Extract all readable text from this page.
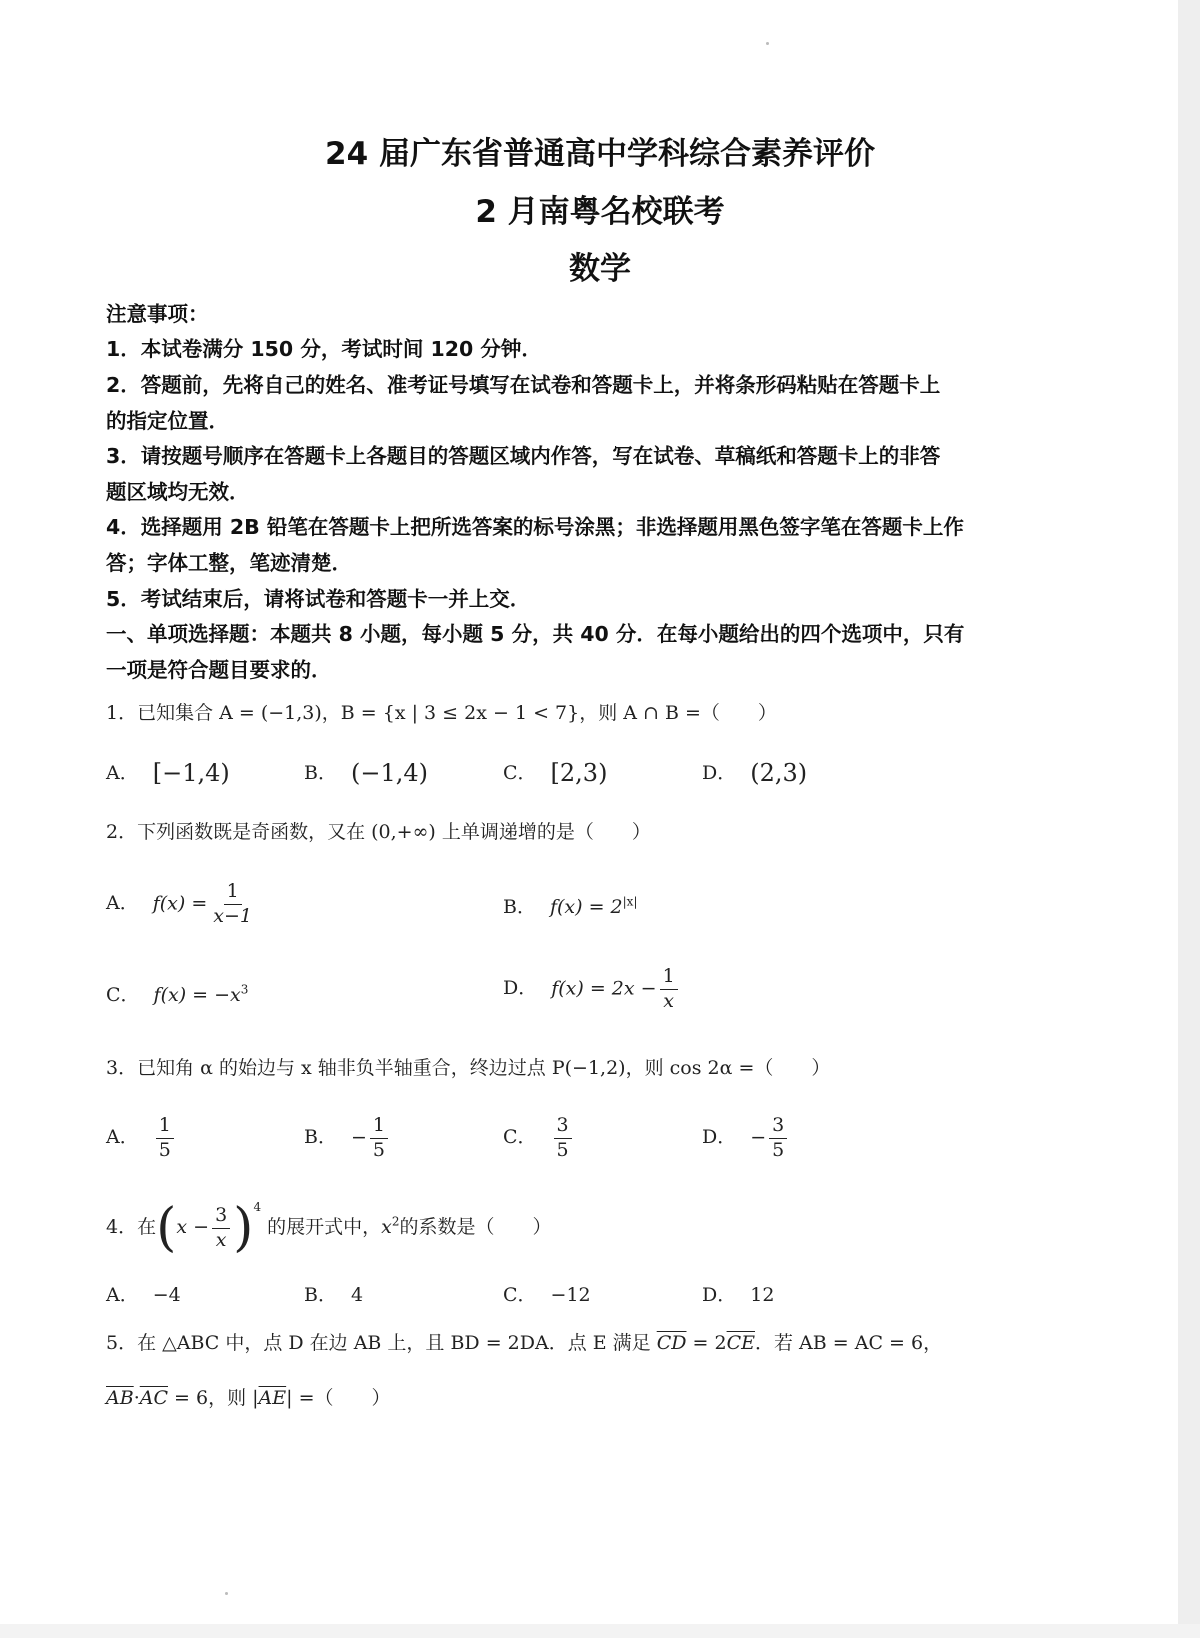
24 届广东省普通高中学科综合素养评价
2 月南粤名校联考
数学
注意事项：
1．本试卷满分 150 分，考试时间 120 分钟．
2．答题前，先将自己的姓名、准考证号填写在试卷和答题卡上，并将条形码粘贴在答题卡上
的指定位置．
3．请按题号顺序在答题卡上各题目的答题区域内作答，写在试卷、草稿纸和答题卡上的非答
题区域均无效．
4．选择题用 2B 铅笔在答题卡上把所选答案的标号涂黑；非选择题用黑色签字笔在答题卡上作
答；字体工整，笔迹清楚．
5．考试结束后，请将试卷和答题卡一并上交．
一、单项选择题：本题共 8 小题，每小题 5 分，共 40 分．在每小题给出的四个选项中，只有
一项是符合题目要求的．
1．已知集合 A = (−1,3)，B = {x | 3 ≤ 2x − 1 < 7}，则 A ∩ B =（　　）
A． [−1,4)	B． (−1,4)	C． [2,3)	D． (2,3)
2．下列函数既是奇函数，又在 (0,+∞) 上单调递增的是（　　）
A． $f(x) = \frac{1}{x-1}$	B． $f(x) = 2^{|x|}$
C． $f(x) = -x^3$	D． $f(x) = 2x - \frac{1}{x}$
3．已知角 α 的始边与 x 轴非负半轴重合，终边过点 P(−1,2)，则 cos 2α =（　　）
A． $\frac{1}{5}$	B． − $\frac{1}{5}$	C． $\frac{3}{5}$	D． − $\frac{3}{5}$
4．在$(x - \frac{3}{x} )^4$ 的展开式中，$x^2$的系数是（　　）
A． −4	B． 4	C． −12	D． 12
5．在 △ABC 中，点 D 在边 AB 上，且 BD = 2DA．点 E 满足 $\overline{CD} = 2\overline{CE}$．若 AB = AC = 6，
$\overline{AB}\cdot\overline{AC} = 6$，则 $|\overline{AE}|$ =（　　）
